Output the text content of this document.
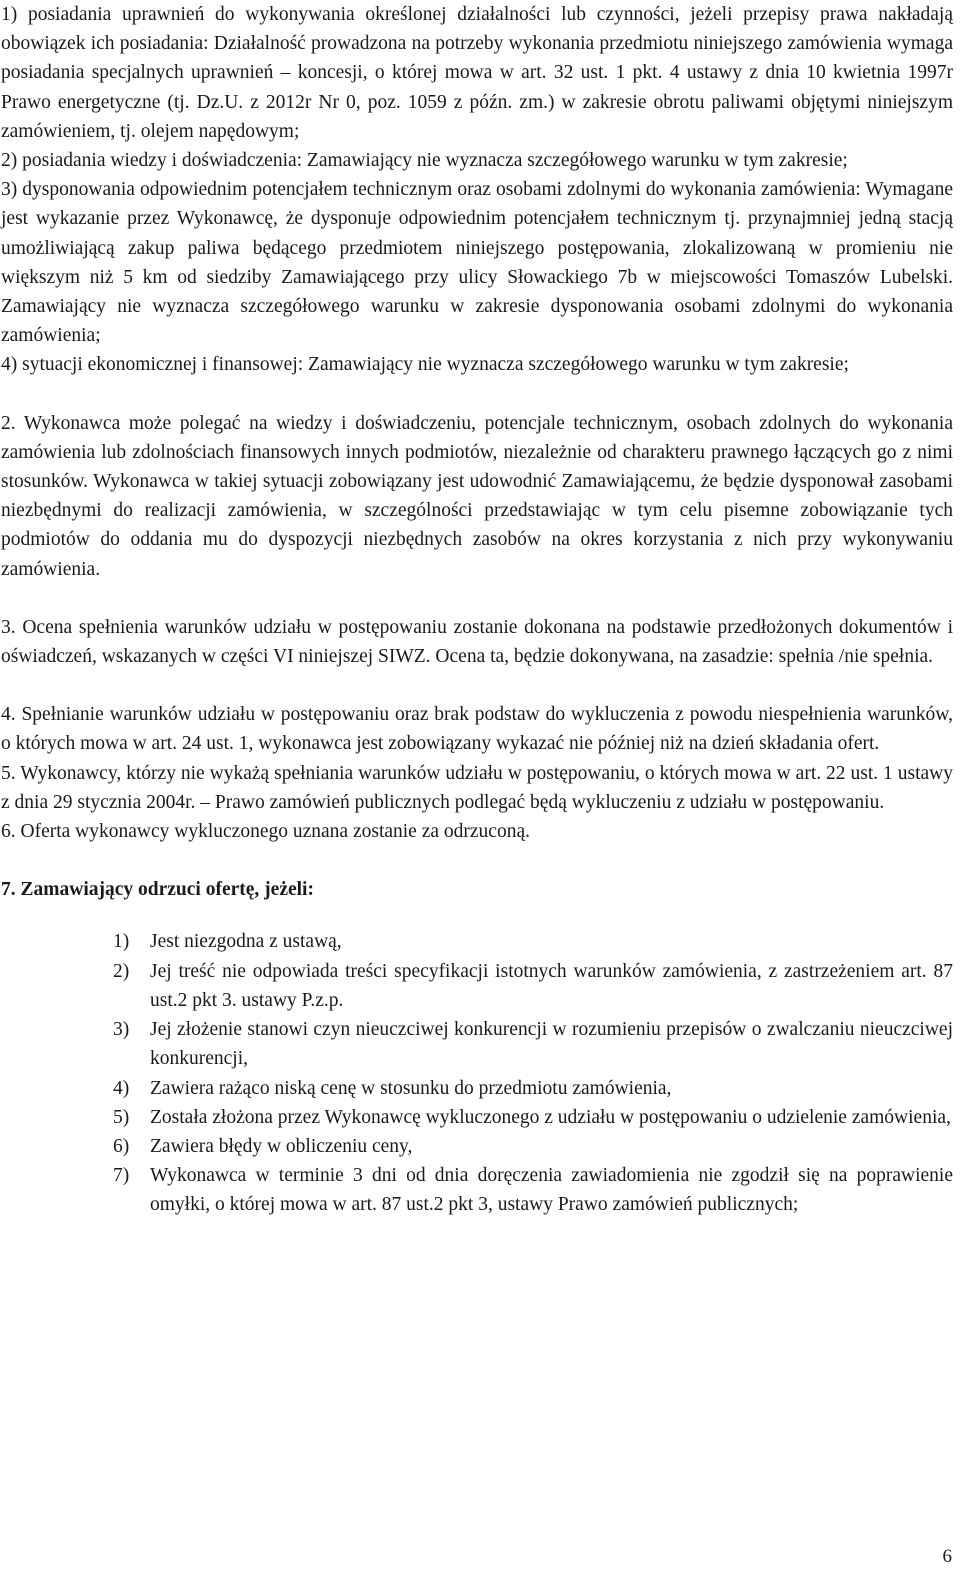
1) posiadania uprawnień do wykonywania określonej działalności lub czynności, jeżeli przepisy prawa nakładają obowiązek ich posiadania: Działalność prowadzona na potrzeby wykonania przedmiotu niniejszego zamówienia wymaga posiadania specjalnych uprawnień – koncesji, o której mowa w art. 32 ust. 1 pkt. 4 ustawy z dnia 10 kwietnia 1997r Prawo energetyczne (tj. Dz.U. z 2012r Nr 0, poz. 1059 z późn. zm.) w zakresie obrotu paliwami objętymi niniejszym zamówieniem, tj. olejem napędowym;

2) posiadania wiedzy i doświadczenia: Zamawiający nie wyznacza szczegółowego warunku w tym zakresie;

3) dysponowania odpowiednim potencjałem technicznym oraz osobami zdolnymi do wykonania zamówienia: Wymagane jest wykazanie przez Wykonawcę, że dysponuje odpowiednim potencjałem technicznym tj. przynajmniej jedną stacją umożliwiającą zakup paliwa będącego przedmiotem niniejszego postępowania, zlokalizowaną w promieniu nie większym niż 5 km od siedziby Zamawiającego przy ulicy Słowackiego 7b w miejscowości Tomaszów Lubelski. Zamawiający nie wyznacza szczegółowego warunku w zakresie dysponowania osobami zdolnymi do wykonania zamówienia;

4) sytuacji ekonomicznej i finansowej: Zamawiający nie wyznacza szczegółowego warunku w tym zakresie;

2. Wykonawca może polegać na wiedzy i doświadczeniu, potencjale technicznym, osobach zdolnych do wykonania zamówienia lub zdolnościach finansowych innych podmiotów, niezależnie od charakteru prawnego łączących go z nimi stosunków. Wykonawca w takiej sytuacji zobowiązany jest udowodnić Zamawiającemu, że będzie dysponował zasobami niezbędnymi do realizacji zamówienia, w szczególności przedstawiając w tym celu pisemne zobowiązanie tych podmiotów do oddania mu do dyspozycji niezbędnych zasobów na okres korzystania z nich przy wykonywaniu zamówienia.

3. Ocena spełnienia warunków udziału w postępowaniu zostanie dokonana na podstawie przedłożonych dokumentów i oświadczeń, wskazanych w części VI niniejszej SIWZ. Ocena ta, będzie dokonywana, na zasadzie: spełnia /nie spełnia.

4. Spełnianie warunków udziału w postępowaniu oraz brak podstaw do wykluczenia z powodu niespełnienia warunków, o których mowa w art. 24 ust. 1, wykonawca jest zobowiązany wykazać nie później niż na dzień składania ofert.

5. Wykonawcy, którzy nie wykażą spełniania warunków udziału w postępowaniu, o których mowa w art. 22 ust. 1 ustawy z dnia 29 stycznia 2004r. – Prawo zamówień publicznych podlegać będą wykluczeniu z udziału w postępowaniu.

6. Oferta wykonawcy wykluczonego uznana zostanie za odrzuconą.

7. Zamawiający odrzuci ofertę, jeżeli:

1) Jest niezgodna z ustawą,
2) Jej treść nie odpowiada treści specyfikacji istotnych warunków zamówienia, z zastrzeżeniem art. 87 ust.2 pkt 3. ustawy P.z.p.
3) Jej złożenie stanowi czyn nieuczciwej konkurencji w rozumieniu przepisów o zwalczaniu nieuczciwej konkurencji,
4) Zawiera rażąco niską cenę w stosunku do przedmiotu zamówienia,
5) Została złożona przez Wykonawcę wykluczonego z udziału w postępowaniu o udzielenie zamówienia,
6) Zawiera błędy w obliczeniu ceny,
7) Wykonawca w terminie 3 dni od dnia doręczenia zawiadomienia nie zgodził się na poprawienie omyłki, o której mowa w art. 87 ust.2 pkt 3, ustawy Prawo zamówień publicznych;
6
